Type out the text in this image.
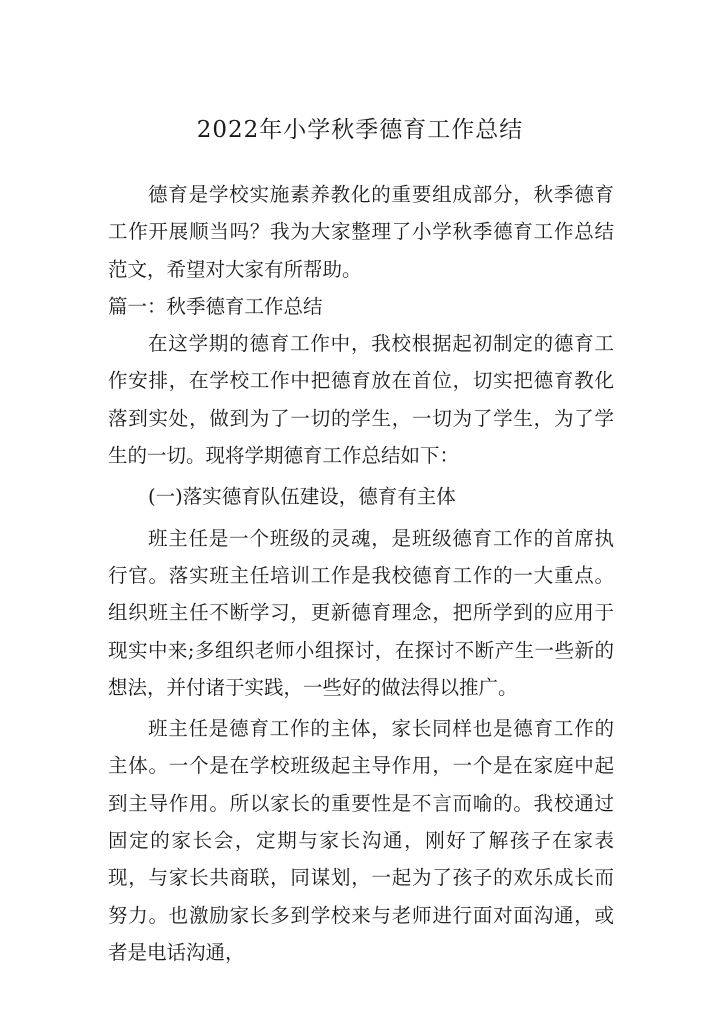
2022年小学秋季德育工作总结

德育是学校实施素养教化的重要组成部分，秋季德育工作开展顺当吗？我为大家整理了小学秋季德育工作总结范文，希望对大家有所帮助。

篇一：秋季德育工作总结

在这学期的德育工作中，我校根据起初制定的德育工作安排，在学校工作中把德育放在首位，切实把德育教化落到实处，做到为了一切的学生，一切为了学生，为了学生的一切。现将学期德育工作总结如下：

(一)落实德育队伍建设，德育有主体

班主任是一个班级的灵魂，是班级德育工作的首席执行官。落实班主任培训工作是我校德育工作的一大重点。组织班主任不断学习，更新德育理念，把所学到的应用于现实中来;多组织老师小组探讨，在探讨不断产生一些新的想法，并付诸于实践，一些好的做法得以推广。

班主任是德育工作的主体，家长同样也是德育工作的主体。一个是在学校班级起主导作用，一个是在家庭中起到主导作用。所以家长的重要性是不言而喻的。我校通过固定的家长会，定期与家长沟通，刚好了解孩子在家表现，与家长共商联，同谋划，一起为了孩子的欢乐成长而努力。也激励家长多到学校来与老师进行面对面沟通，或者是电话沟通，
